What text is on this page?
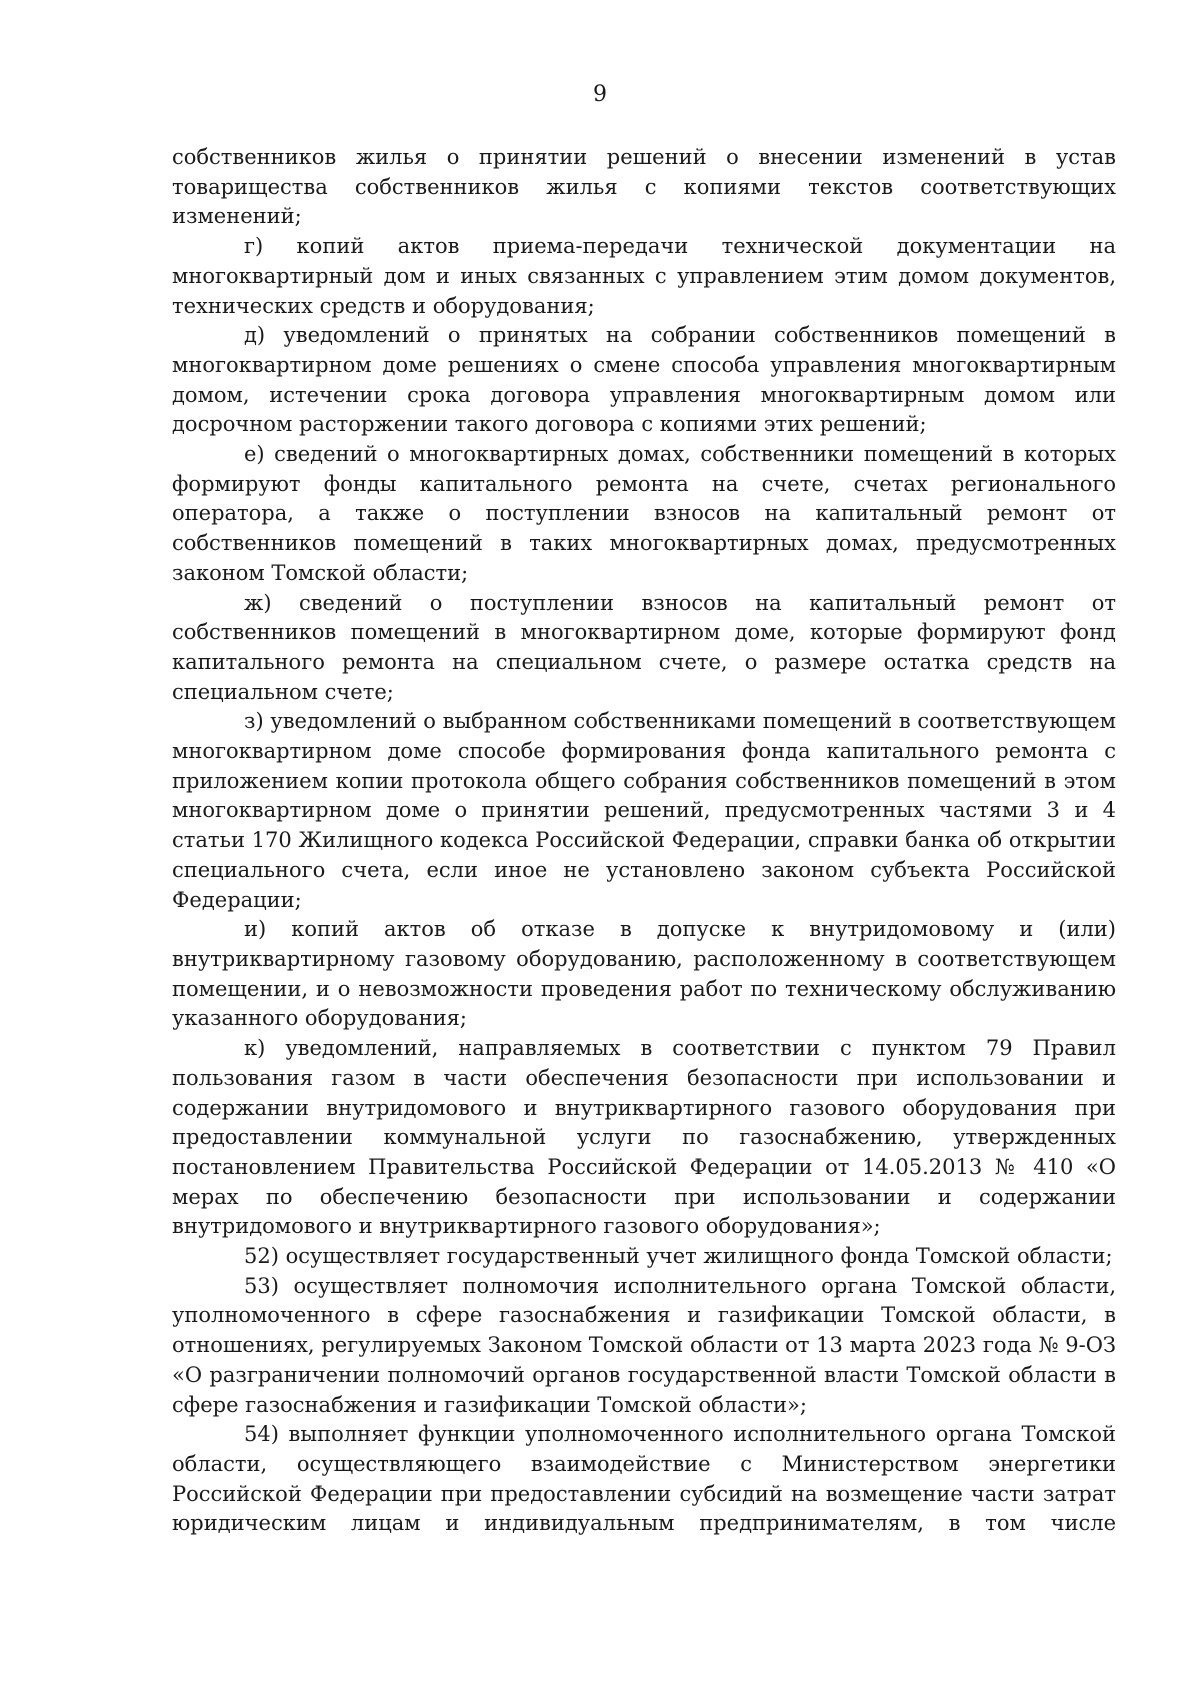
9

собственников жилья о принятии решений о внесении изменений в устав товарищества собственников жилья с копиями текстов соответствующих изменений;

г) копий актов приема-передачи технической документации на многоквартирный дом и иных связанных с управлением этим домом документов, технических средств и оборудования;

д) уведомлений о принятых на собрании собственников помещений в многоквартирном доме решениях о смене способа управления многоквартирным домом, истечении срока договора управления многоквартирным домом или досрочном расторжении такого договора с копиями этих решений;

е) сведений о многоквартирных домах, собственники помещений в которых формируют фонды капитального ремонта на счете, счетах регионального оператора, а также о поступлении взносов на капитальный ремонт от собственников помещений в таких многоквартирных домах, предусмотренных законом Томской области;

ж) сведений о поступлении взносов на капитальный ремонт от собственников помещений в многоквартирном доме, которые формируют фонд капитального ремонта на специальном счете, о размере остатка средств на специальном счете;

з) уведомлений о выбранном собственниками помещений в соответствующем многоквартирном доме способе формирования фонда капитального ремонта с приложением копии протокола общего собрания собственников помещений в этом многоквартирном доме о принятии решений, предусмотренных частями 3 и 4 статьи 170 Жилищного кодекса Российской Федерации, справки банка об открытии специального счета, если иное не установлено законом субъекта Российской Федерации;

и) копий актов об отказе в допуске к внутридомовому и (или) внутриквартирному газовому оборудованию, расположенному в соответствующем помещении, и о невозможности проведения работ по техническому обслуживанию указанного оборудования;

к) уведомлений, направляемых в соответствии с пунктом 79 Правил пользования газом в части обеспечения безопасности при использовании и содержании внутридомового и внутриквартирного газового оборудования при предоставлении коммунальной услуги по газоснабжению, утвержденных постановлением Правительства Российской Федерации от 14.05.2013 № 410 «О мерах по обеспечению безопасности при использовании и содержании внутридомового и внутриквартирного газового оборудования»;

52) осуществляет государственный учет жилищного фонда Томской области;

53) осуществляет полномочия исполнительного органа Томской области, уполномоченного в сфере газоснабжения и газификации Томской области, в отношениях, регулируемых Законом Томской области от 13 марта 2023 года № 9-ОЗ «О разграничении полномочий органов государственной власти Томской области в сфере газоснабжения и газификации Томской области»;

54) выполняет функции уполномоченного исполнительного органа Томской области, осуществляющего взаимодействие с Министерством энергетики Российской Федерации при предоставлении субсидий на возмещение части затрат юридическим лицам и индивидуальным предпринимателям, в том числе
